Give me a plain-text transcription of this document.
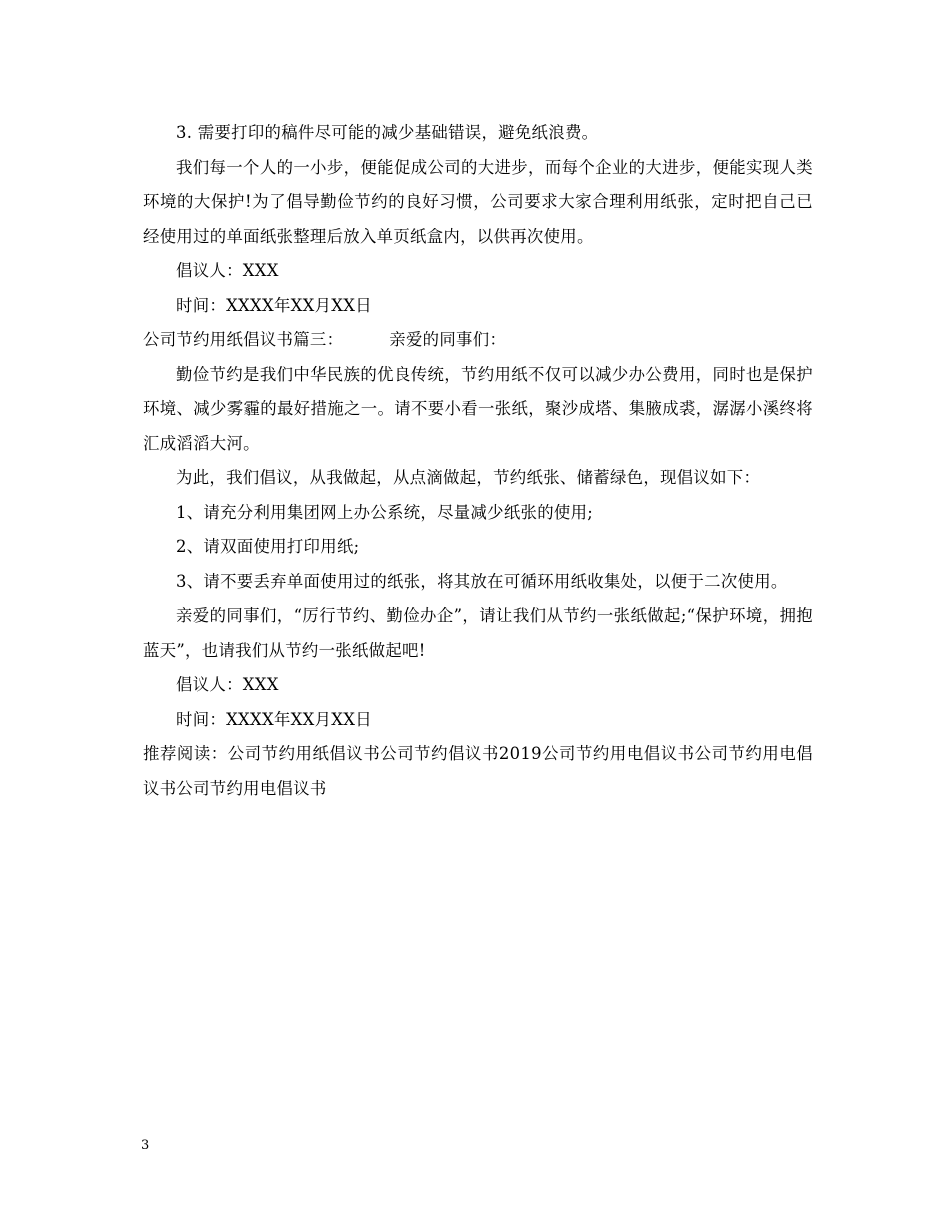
3. 需要打印的稿件尽可能的减少基础错误，避免纸浪费。

我们每一个人的一小步，便能促成公司的大进步，而每个企业的大进步，便能实现人类环境的大保护!为了倡导勤俭节约的良好习惯，公司要求大家合理利用纸张，定时把自己已经使用过的单面纸张整理后放入单页纸盒内，以供再次使用。

倡议人：XXX

时间：XXXX年XX月XX日

公司节约用纸倡议书篇三：	亲爱的同事们：

勤俭节约是我们中华民族的优良传统，节约用纸不仅可以减少办公费用，同时也是保护环境、减少雾霾的最好措施之一。请不要小看一张纸，聚沙成塔、集腋成裘，潺潺小溪终将汇成滔滔大河。

为此，我们倡议，从我做起，从点滴做起，节约纸张、储蓄绿色，现倡议如下：

1、请充分利用集团网上办公系统，尽量减少纸张的使用;

2、请双面使用打印用纸;

3、请不要丢弃单面使用过的纸张，将其放在可循环用纸收集处，以便于二次使用。

亲爱的同事们，“厉行节约、勤俭办企”，请让我们从节约一张纸做起;“保护环境，拥抱蓝天”，也请我们从节约一张纸做起吧!

倡议人：XXX

时间：XXXX年XX月XX日

推荐阅读：公司节约用纸倡议书公司节约倡议书2019公司节约用电倡议书公司节约用电倡议书公司节约用电倡议书

3
